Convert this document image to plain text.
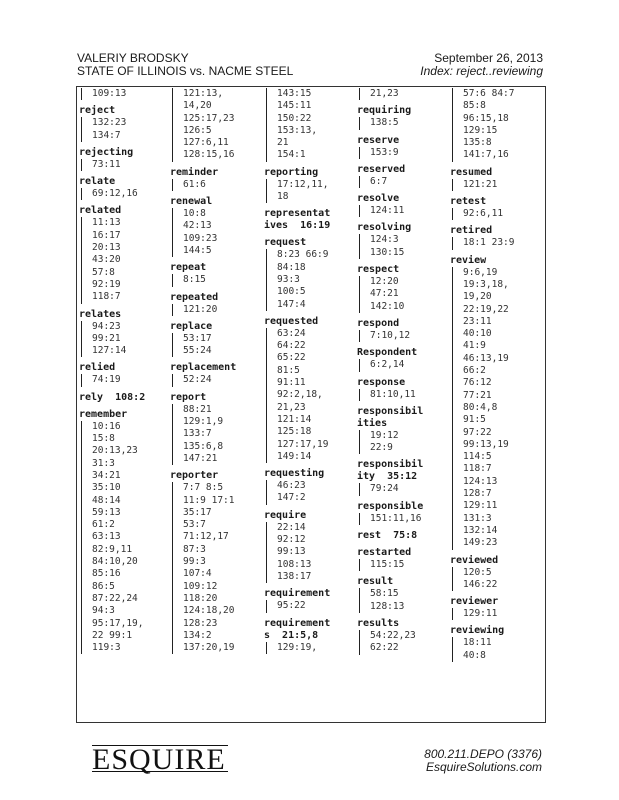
VALERIY BRODSKY
STATE OF ILLINOIS vs. NACME STEEL
September 26, 2013
Index: reject..reviewing
109:13
reject
132:23
134:7
rejecting
73:11
relate
69:12,16
related
11:13
16:17
20:13
43:20
57:8
92:19
118:7
relates
94:23
99:21
127:14
relied
74:19
rely  108:2
remember
10:16
15:8
20:13,23
31:3
34:21
35:10
48:14
59:13
61:2
63:13
82:9,11
84:10,20
85:16
86:5
87:22,24
94:3
95:17,19,
22 99:1
119:3
121:13,
14,20
125:17,23
126:5
127:6,11
128:15,16
reminder
61:6
renewal
10:8
42:13
109:23
144:5
repeat
8:15
repeated
121:20
replace
53:17
55:24
replacement
52:24
report
88:21
129:1,9
133:7
135:6,8
147:21
reporter
7:7 8:5
11:9 17:1
35:17
53:7
71:12,17
87:3
99:3
107:4
109:12
118:20
124:18,20
128:23
134:2
137:20,19
143:15
145:11
150:22
153:13,
21
154:1
reporting
17:12,11,
18
representat
ives  16:19
request
8:23 66:9
84:18
93:3
100:5
147:4
requested
63:24
64:22
65:22
81:5
91:11
92:2,18,
21,23
121:14
125:18
127:17,19
149:14
requesting
46:23
147:2
require
22:14
92:12
99:13
108:13
138:17
requirement
95:22
requirement
s  21:5,8
129:19,
21,23
requiring
138:5
reserve
153:9
reserved
6:7
resolve
124:11
resolving
124:3
130:15
respect
12:20
47:21
142:10
respond
7:10,12
Respondent
6:2,14
response
81:10,11
responsibil
ities
19:12
22:9
responsibil
ity  35:12
79:24
responsible
151:11,16
rest  75:8
restarted
115:15
result
58:15
128:13
results
54:22,23
62:22
57:6 84:7
85:8
96:15,18
129:15
135:8
141:7,16
resumed
121:21
retest
92:6,11
retired
18:1 23:9
review
9:6,19
19:3,18,
19,20
22:19,22
23:11
40:10
41:9
46:13,19
66:2
76:12
77:21
80:4,8
91:5
97:22
99:13,19
114:5
118:7
124:13
128:7
129:11
131:3
132:14
149:23
reviewed
120:5
146:22
reviewer
129:11
reviewing
18:11
40:8
ESQUIRE	800.211.DEPO (3376)
EsquireSolutions.com
